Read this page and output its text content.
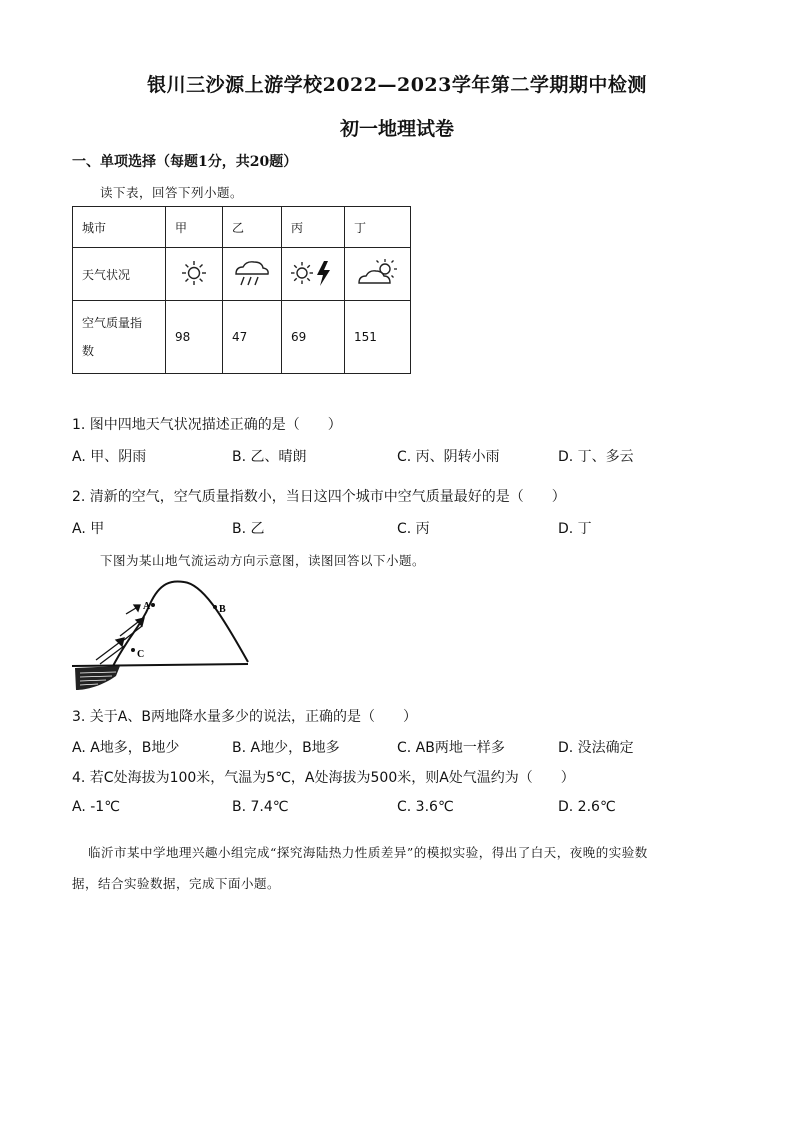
银川三沙源上游学校2022—2023学年第二学期期中检测
初一地理试卷
一、单项选择（每题1分，共20题）
读下表，回答下列小题。
城市	甲	乙	丙	丁
天气状况				
空气质量指
数	98	47	69	151
1. 图中四地天气状况描述正确的是（　　）
A. 甲、阴雨	B. 乙、晴朗	C. 丙、阴转小雨	D. 丁、多云
2. 清新的空气，空气质量指数小，当日这四个城市中空气质量最好的是（　　）
A. 甲	B. 乙	C. 丙	D. 丁
下图为某山地气流运动方向示意图，读图回答以下小题。
A	B
C
3. 关于A、B两地降水量多少的说法，正确的是（　　）
A. A地多，B地少	B. A地少，B地多	C. AB两地一样多	D. 没法确定
4. 若C处海拔为100米，气温为5℃，A处海拔为500米，则A处气温约为（　　）
A. -1℃	B. 7.4℃	C. 3.6℃	D. 2.6℃
临沂市某中学地理兴趣小组完成“探究海陆热力性质差异”的模拟实验，得出了白天，夜晚的实验数
据，结合实验数据，完成下面小题。
